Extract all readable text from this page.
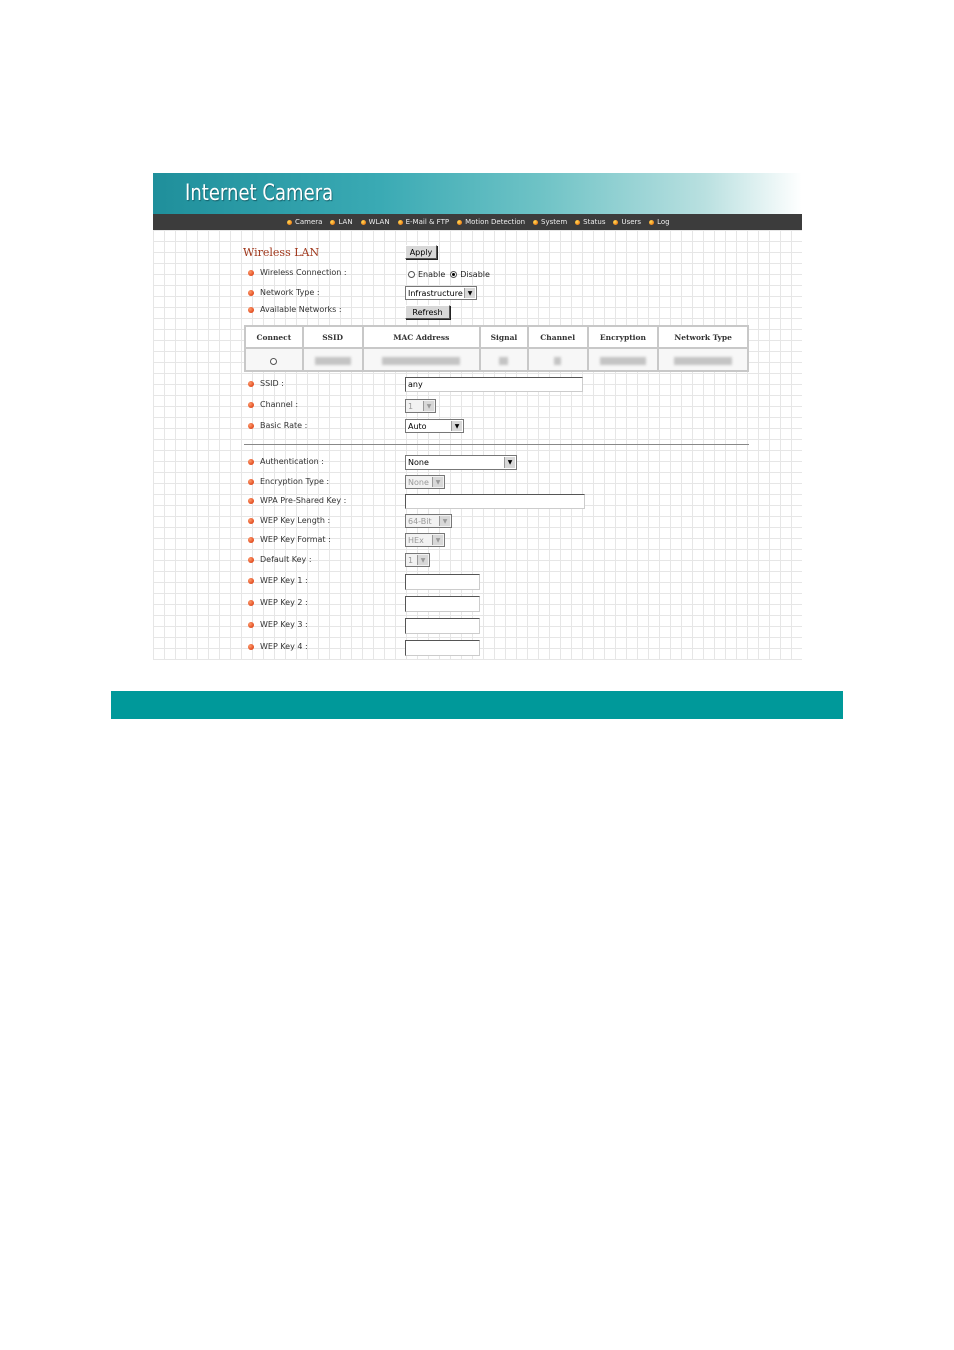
Internet Camera
Camera LAN WLAN E-Mail & FTP Motion Detection System Status Users Log
Wireless LAN	Apply
Wireless Connection :	Enable Disable
Network Type :	Infrastructure ▼
Available Networks :	Refresh
Connect	SSID	MAC Address	Signal	Channel	Encryption	Network Type

SSID :	any
Channel :	1	▼
Basic Rate :	Auto	▼
Authentication :	None	▼
Encryption Type :	None	▼
WPA Pre-Shared Key :
WEP Key Length :	64-Bit	▼
WEP Key Format :	HEx	▼
Default Key :	1	▼
WEP Key 1 :
WEP Key 2 :
WEP Key 3 :
WEP Key 4 :
